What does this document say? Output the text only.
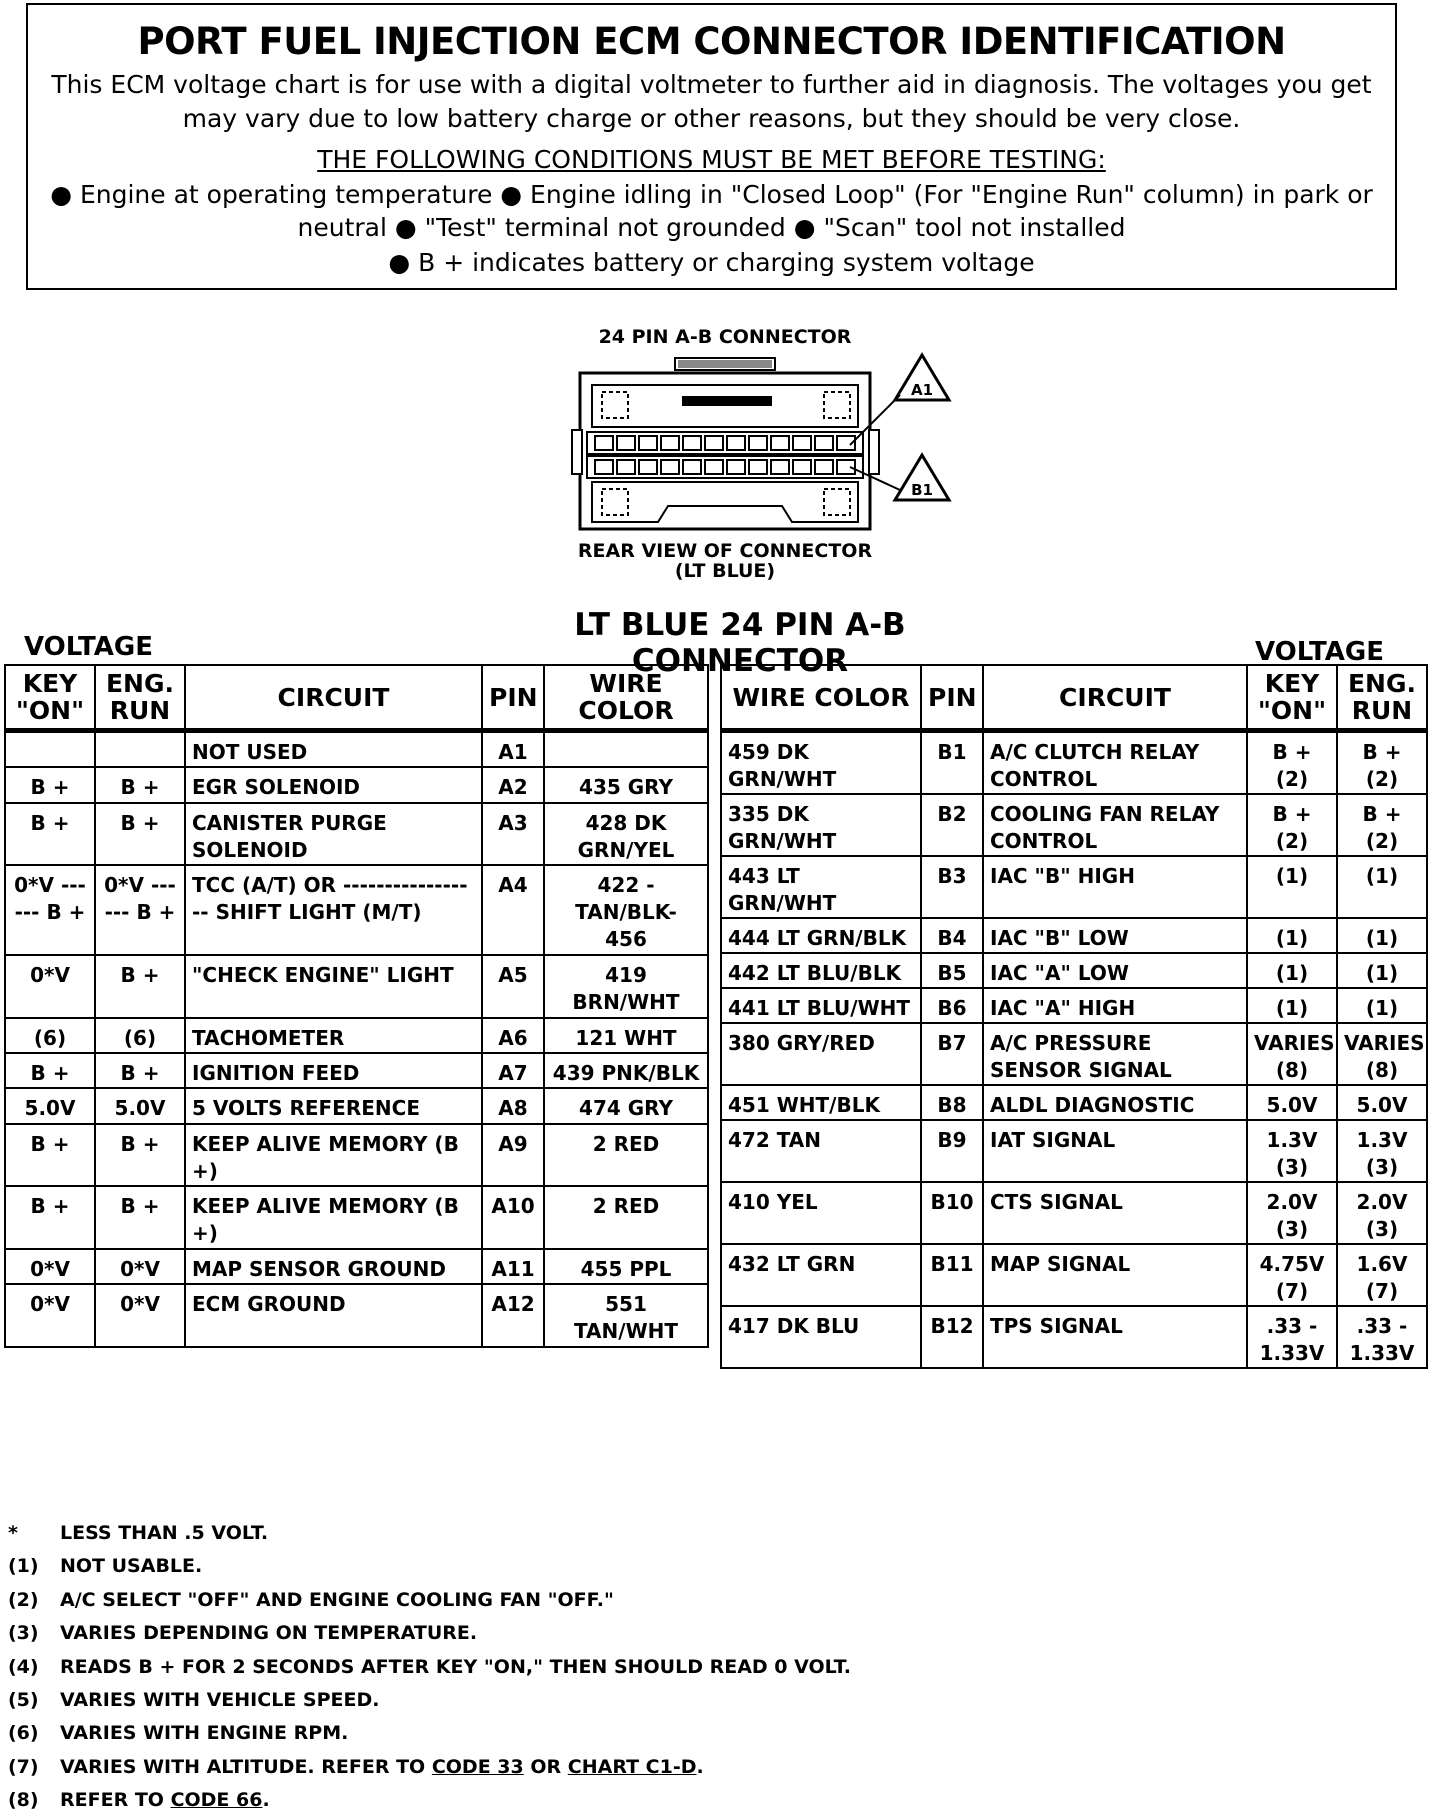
PORT FUEL INJECTION ECM CONNECTOR IDENTIFICATION
This ECM voltage chart is for use with a digital voltmeter to further aid in diagnosis. The voltages you get may vary due to low battery charge or other reasons, but they should be very close.
THE FOLLOWING CONDITIONS MUST BE MET BEFORE TESTING:
● Engine at operating temperature ● Engine idling in "Closed Loop" (For "Engine Run" column) in park or neutral ● "Test" terminal not grounded ● "Scan" tool not installed
● B + indicates battery or charging system voltage
24 PIN A-B CONNECTOR
A1
B1
REAR VIEW OF CONNECTOR
(LT BLUE)
LT BLUE 24 PIN A-B CONNECTOR
VOLTAGE	VOLTAGE
KEY "ON"	ENG. RUN	CIRCUIT	PIN	WIRE COLOR
		NOT USED	A1	
B +	B +	EGR SOLENOID	A2	435 GRY
B +	B +	CANISTER PURGE SOLENOID	A3	428 DK GRN/YEL
0*V ------ B +	0*V ------ B +	TCC (A/T) OR ----------------- SHIFT LIGHT (M/T)	A4	422 -TAN/BLK- 456
0*V	B +	"CHECK ENGINE" LIGHT	A5	419 BRN/WHT
(6)	(6)	TACHOMETER	A6	121 WHT
B +	B +	IGNITION FEED	A7	439 PNK/BLK
5.0V	5.0V	5 VOLTS REFERENCE	A8	474 GRY
B +	B +	KEEP ALIVE MEMORY (B +)	A9	2 RED
B +	B +	KEEP ALIVE MEMORY (B +)	A10	2 RED
0*V	0*V	MAP SENSOR GROUND	A11	455 PPL
0*V	0*V	ECM GROUND	A12	551 TAN/WHT
WIRE COLOR	PIN	CIRCUIT	KEY "ON"	ENG. RUN
459 DK GRN/WHT	B1	A/C CLUTCH RELAY CONTROL	B + (2)	B + (2)
335 DK GRN/WHT	B2	COOLING FAN RELAY CONTROL	B + (2)	B + (2)
443 LT GRN/WHT	B3	IAC "B" HIGH	(1)	(1)
444 LT GRN/BLK	B4	IAC "B" LOW	(1)	(1)
442 LT BLU/BLK	B5	IAC "A" LOW	(1)	(1)
441 LT BLU/WHT	B6	IAC "A" HIGH	(1)	(1)
380 GRY/RED	B7	A/C PRESSURE SENSOR SIGNAL	VARIES (8)	VARIES (8)
451 WHT/BLK	B8	ALDL DIAGNOSTIC	5.0V	5.0V
472 TAN	B9	IAT SIGNAL	1.3V (3)	1.3V (3)
410 YEL	B10	CTS SIGNAL	2.0V (3)	2.0V (3)
432 LT GRN	B11	MAP SIGNAL	4.75V (7)	1.6V (7)
417 DK BLU	B12	TPS SIGNAL	.33 - 1.33V	.33 - 1.33V
* LESS THAN .5 VOLT.
(1) NOT USABLE.
(2) A/C SELECT "OFF" AND ENGINE COOLING FAN "OFF."
(3) VARIES DEPENDING ON TEMPERATURE.
(4) READS B + FOR 2 SECONDS AFTER KEY "ON," THEN SHOULD READ 0 VOLT.
(5) VARIES WITH VEHICLE SPEED.
(6) VARIES WITH ENGINE RPM.
(7) VARIES WITH ALTITUDE. REFER TO CODE 33 OR CHART C1-D.
(8) REFER TO CODE 66.
